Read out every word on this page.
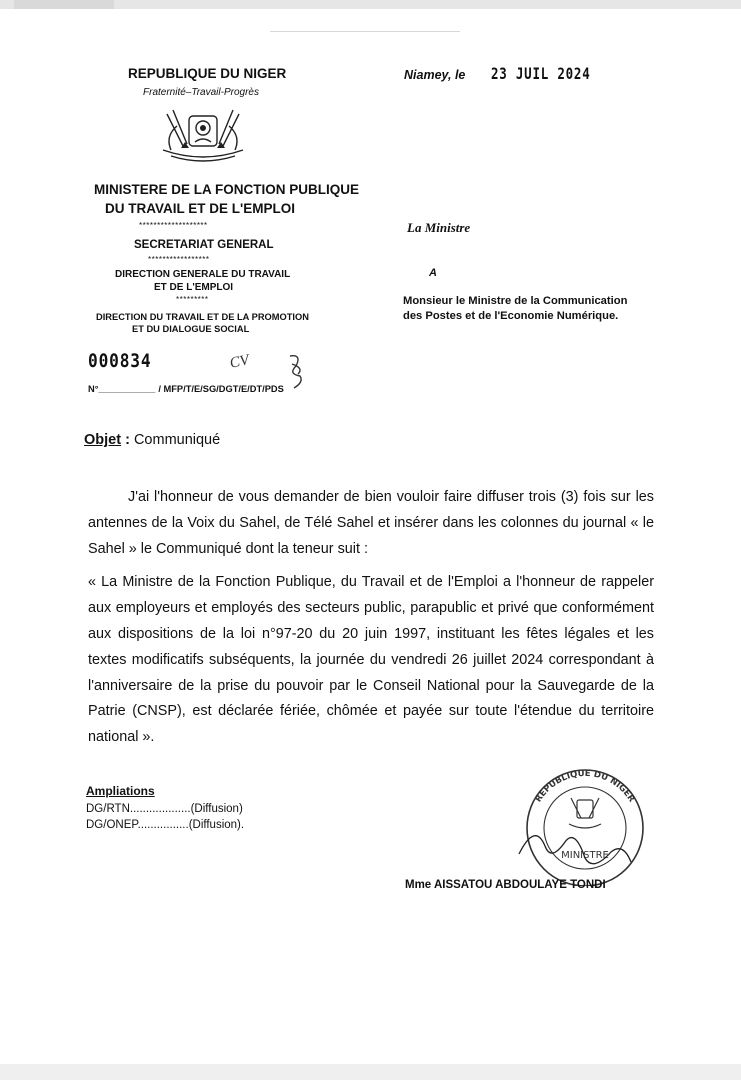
REPUBLIQUE DU NIGER
Fraternité–Travail-Progrès
MINISTERE DE LA FONCTION PUBLIQUE
DU TRAVAIL ET DE L'EMPLOI
*******************
SECRETARIAT GENERAL
*****************
DIRECTION GENERALE DU TRAVAIL
ET DE L'EMPLOI
*********
DIRECTION DU TRAVAIL ET DE LA PROMOTION
ET DU DIALOGUE SOCIAL
Niamey, le 23 JUIL 2024
La Ministre
A
Monsieur le Ministre de la Communication
des Postes et de l'Economie Numérique.
000834	CV
N°___________ / MFP/T/E/SG/DGT/E/DT/PDS
Objet : Communiqué

J'ai l'honneur de vous demander de bien vouloir faire diffuser trois (3) fois sur les antennes de la Voix du Sahel, de Télé Sahel et insérer dans les colonnes du journal « le Sahel » le Communiqué dont la teneur suit :

« La Ministre de la Fonction Publique, du Travail et de l'Emploi a l'honneur de rappeler aux employeurs et employés des secteurs public, parapublic et privé que conformément aux dispositions de la loi n°97-20 du 20 juin 1997, instituant les fêtes légales et les textes modificatifs subséquents, la journée du vendredi 26 juillet 2024 correspondant à l'anniversaire de la prise du pouvoir par le Conseil National pour la Sauvegarde de la Patrie (CNSP), est déclarée fériée, chômée et payée sur toute l'étendue du territoire national ».

Ampliations
DG/RTN...................(Diffusion)
DG/ONEP................(Diffusion).
REPUBLIQUE DU NIGER
MINISTRE
Mme AISSATOU ABDOULAYE TONDI
